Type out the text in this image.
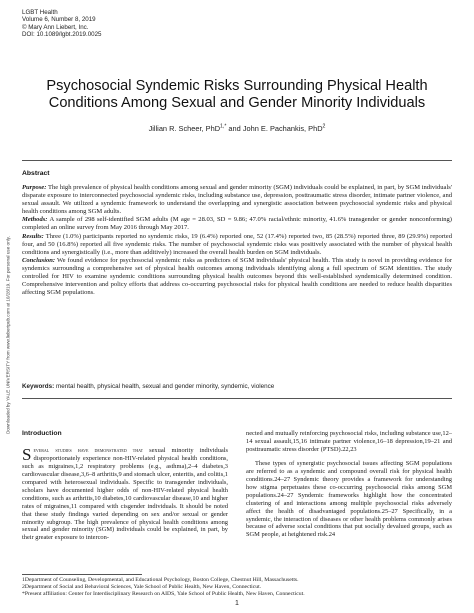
Downloaded by YALE UNIVERSITY from www.liebertpub.com at 10/28/19. For personal use only.
LGBT Health
Volume 6, Number 8, 2019
© Mary Ann Liebert, Inc.
DOI: 10.1089/lgbt.2019.0025
Psychosocial Syndemic Risks Surrounding Physical Health
Conditions Among Sexual and Gender Minority Individuals
Jillian R. Scheer, PhD$^{1,*}$ and John E. Pachankis, PhD$^2$
Abstract

Purpose: The high prevalence of physical health conditions among sexual and gender minority (SGM) individuals could be explained, in part, by SGM individuals' disparate exposure to interconnected psychosocial syndemic risks, including substance use, depression, posttraumatic stress disorder, intimate partner violence, and sexual assault. We utilized a syndemic framework to understand the overlapping and synergistic association between psychosocial syndemic risks and physical health conditions among SGM adults.
Methods: A sample of 298 self-identified SGM adults (M age = 28.03, SD = 9.86; 47.0% racial/ethnic minority, 41.6% transgender or gender nonconforming) completed an online survey from May 2016 through May 2017.
Results: Three (1.0%) participants reported no syndemic risks, 19 (6.4%) reported one, 52 (17.4%) reported two, 85 (28.5%) reported three, 89 (29.9%) reported four, and 50 (16.8%) reported all five syndemic risks. The number of psychosocial syndemic risks was positively associated with the number of physical health conditions and synergistically (i.e., more than additively) increased the overall health burden on SGM individuals.
Conclusion: We found evidence for psychosocial syndemic risks as predictors of SGM individuals' physical health. This study is novel in providing evidence for syndemics surrounding a comprehensive set of physical health outcomes among individuals identifying along a full spectrum of SGM identities. The study controlled for HIV to examine syndemic conditions surrounding physical health outcomes beyond this well-established syndemically determined condition. Comprehensive intervention and policy efforts that address co-occurring psychosocial risks for physical health conditions are needed to reduce health disparities affecting SGM populations.

Keywords: mental health, physical health, sexual and gender minority, syndemic, violence
Introduction

Several studies have demonstrated that sexual minority individuals disproportionately experience non-HIV-related physical health conditions, such as migraines,1,2 respiratory problems (e.g., asthma),2–4 diabetes,3 cardiovascular disease,3,6–8 arthritis,9 and stomach ulcer, enteritis, and colitis,1 compared with heterosexual individuals. Specific to transgender individuals, scholars have documented higher odds of non-HIV-related physical health conditions, such as arthritis,10 diabetes,10 cardiovascular disease,10 and higher rates of migraines,11 compared with cisgender individuals. It should be noted that these study findings varied depending on sex and/or sexual or gender minority subgroup. The high prevalence of physical health conditions among sexual and gender minority (SGM) individuals could be explained, in part, by their greater exposure to intercon-

nected and mutually reinforcing psychosocial risks, including substance use,12–14 sexual assault,15,16 intimate partner violence,16–18 depression,19–21 and posttraumatic stress disorder (PTSD).22,23

These types of synergistic psychosocial issues affecting SGM populations are referred to as a syndemic and compound overall risk for physical health conditions.24–27 Syndemic theory provides a framework for understanding how stigma perpetuates these co-occurring psychosocial risks among SGM populations.24–27 Syndemic frameworks highlight how the concentrated clustering of and interactions among multiple psychosocial risks adversely affect the health of disadvantaged populations.25–27 Specifically, in a syndemic, the interaction of diseases or other health problems commonly arises because of adverse social conditions that put socially devalued groups, such as SGM people, at heightened risk.24

1Department of Counseling, Developmental, and Educational Psychology, Boston College, Chestnut Hill, Massachusetts.
2Department of Social and Behavioral Sciences, Yale School of Public Health, New Haven, Connecticut.
*Present affiliation: Center for Interdisciplinary Research on AIDS, Yale School of Public Health, New Haven, Connecticut.
1
